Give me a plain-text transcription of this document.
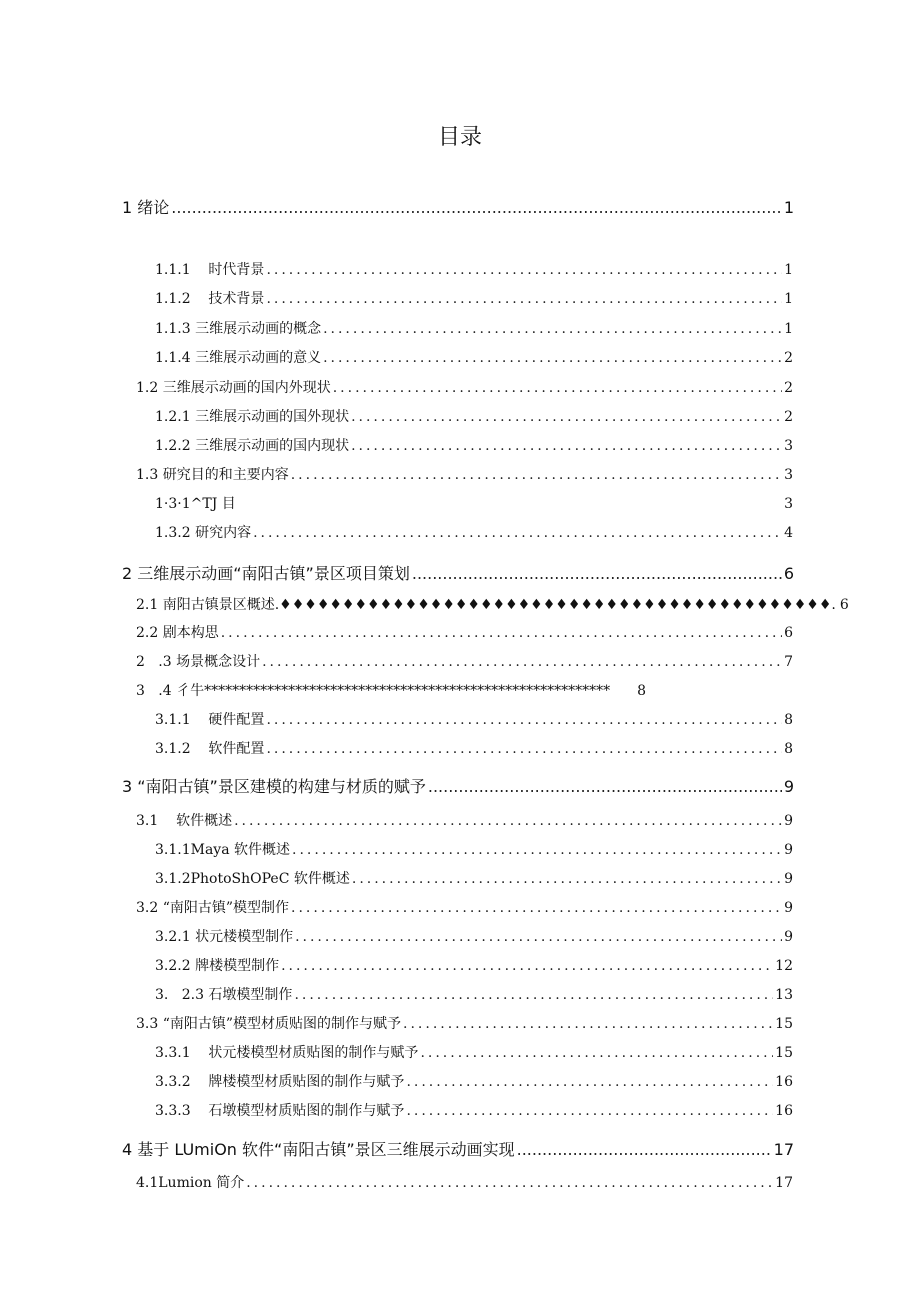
目录
1 绪论 .....	1
1.1.1    时代背景 .....	1
1.1.2    技术背景 .....	1
1.1.3 三维展示动画的概念 .....	1
1.1.4 三维展示动画的意义 .....	2
1.2 三维展示动画的国内外现状 .....	2
1.2.1 三维展示动画的国外现状 .....	2
1.2.2 三维展示动画的国内现状 .....	3
1.3 研究目的和主要内容 .....	3
1·3·1^TJ 目	3
1.3.2 研究内容 .....	4
2 三维展示动画“南阳古镇”景区项目策划 .....	6
2.1 南阳古镇景区概述.♦♦♦♦♦♦♦♦♦♦♦♦♦♦♦♦♦♦♦♦♦♦♦♦♦♦♦♦♦♦♦♦♦♦♦♦♦♦♦♦♦♦♦♦. 6
2.2 剧本构思 .....	6
2   .3 场景概念设计 .....	7
3   .4 彳牛********************************************************** 8
3.1.1    硬件配置 .....	8
3.1.2    软件配置 .....	8
3 “南阳古镇”景区建模的构建与材质的赋予 .....	9
3.1    软件概述 .....	9
3.1.1Maya 软件概述 .....	9
3.1.2PhotoShOPeC 软件概述 .....	9
3.2 “南阳古镇”模型制作 .....	9
3.2.1 状元楼模型制作 .....	9
3.2.2 牌楼模型制作 .....	12
3.   2.3 石墩模型制作 .....	13
3.3 “南阳古镇”模型材质贴图的制作与赋予 .....	15
3.3.1    状元楼模型材质贴图的制作与赋予 .....	15
3.3.2    牌楼模型材质贴图的制作与赋予 .....	16
3.3.3    石墩模型材质贴图的制作与赋予 .....	16
4 基于 LUmiOn 软件“南阳古镇”景区三维展示动画实现 .....	17
4.1Lumion 简介 .....	17
